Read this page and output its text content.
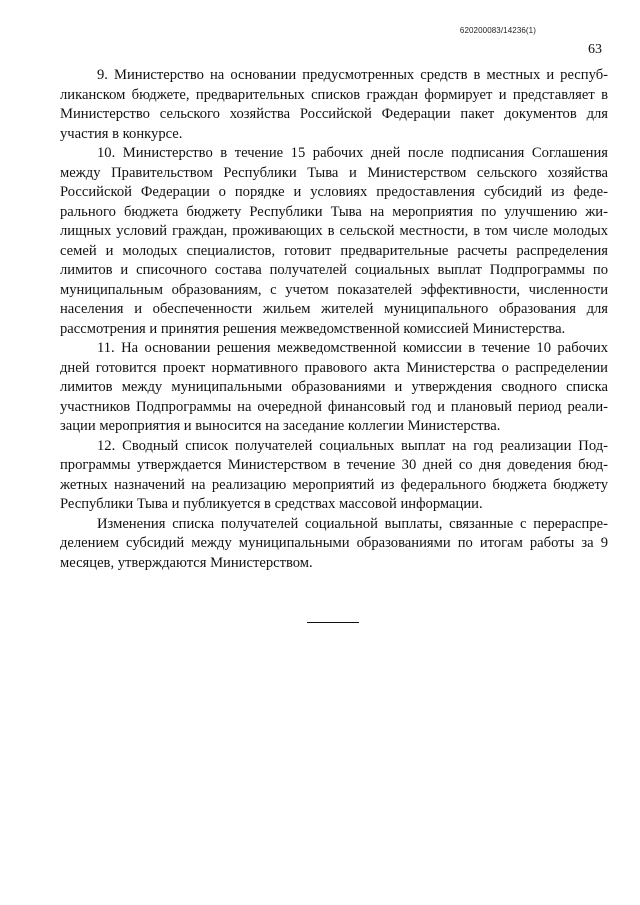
620200083/14236(1)
63

9. Министерство на основании предусмотренных средств в местных и республиканском бюджете, предварительных списков граждан формирует и представляет в Министерство сельского хозяйства Российской Федерации пакет документов для участия в конкурсе.

10. Министерство в течение 15 рабочих дней после подписания Соглашения между Правительством Республики Тыва и Министерством сельского хозяйства Российской Федерации о порядке и условиях предоставления субсидий из федерального бюджета бюджету Республики Тыва на мероприятия по улучшению жилищных условий граждан, проживающих в сельской местности, в том числе молодых семей и молодых специалистов, готовит предварительные расчеты распределения лимитов и списочного состава получателей социальных выплат Подпрограммы по муниципальным образованиям, с учетом показателей эффективности, численности населения и обеспеченности жильем жителей муниципального образования для рассмотрения и принятия решения межведомственной комиссией Министерства.

11. На основании решения межведомственной комиссии в течение 10 рабочих дней готовится проект нормативного правового акта Министерства о распределении лимитов между муниципальными образованиями и утверждения сводного списка участников Подпрограммы на очередной финансовый год и плановый период реализации мероприятия и выносится на заседание коллегии Министерства.

12. Сводный список получателей социальных выплат на год реализации Подпрограммы утверждается Министерством в течение 30 дней со дня доведения бюджетных назначений на реализацию мероприятий из федерального бюджета бюджету Республики Тыва и публикуется в средствах массовой информации.

Изменения списка получателей социальной выплаты, связанные с перераспределением субсидий между муниципальными образованиями по итогам работы за 9 месяцев, утверждаются Министерством.
